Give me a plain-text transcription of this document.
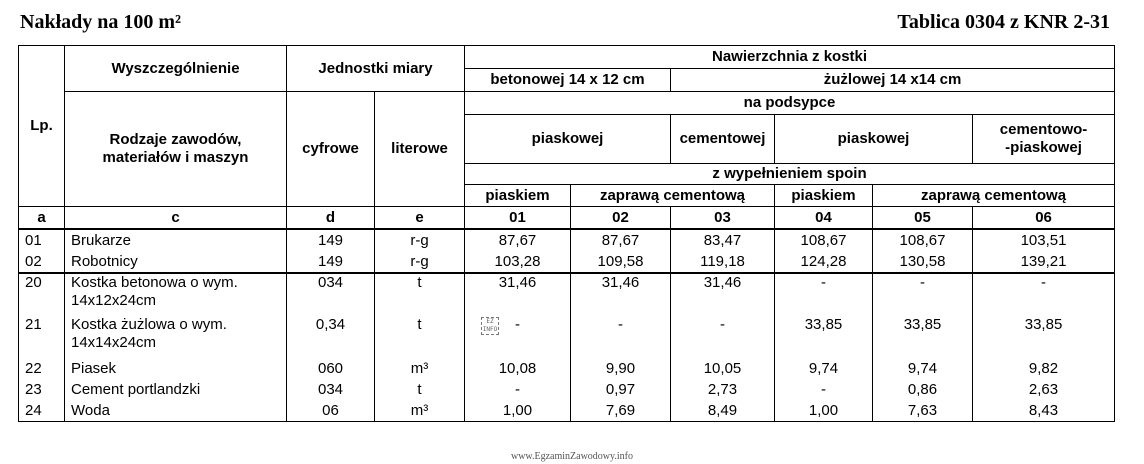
Nakłady na 100 m²	Tablica 0304 z KNR 2-31
Lp.	Wyszczególnienie	Jednostki miary		Nawierzchnia z kostki					
				betonowej 14 x 12 cm		żużlowej 14 x14 cm			

	Rodzaje zawodów,
materiałów i maszyn	cyfrowe	literowe	na podsypce					
				piaskowej		cementowej	piaskowej		cementowo-
-piaskowej

				z wypełnieniem spoin					
				piaskiem	zaprawą cementową		piaskiem	zaprawą cementową	
a	c	d	e	01	02	03	04	05	06
01	Brukarze	149	r-g	87,67	87,67	83,47	108,67	108,67	103,51
02	Robotnicy	149	r-g	103,28	109,58	119,18	124,28	130,58	139,21
20	Kostka betonowa o wym.
14x12x24cm	034	t	31,46	31,46	31,46	-	-	-
21	Kostka żużlowa o wym.
14x14x24cm	0,34	t	-	-	-	33,85	33,85	33,85
22	Piasek	060	m³	10,08	9,90	10,05	9,74	9,74	9,82
23	Cement portlandzki	034	t	-	0,97	2,73	-	0,86	2,63
24	Woda	06	m³	1,00	7,69	8,49	1,00	7,63	8,43
EZ INFO
www.EgzaminZawodowy.info
